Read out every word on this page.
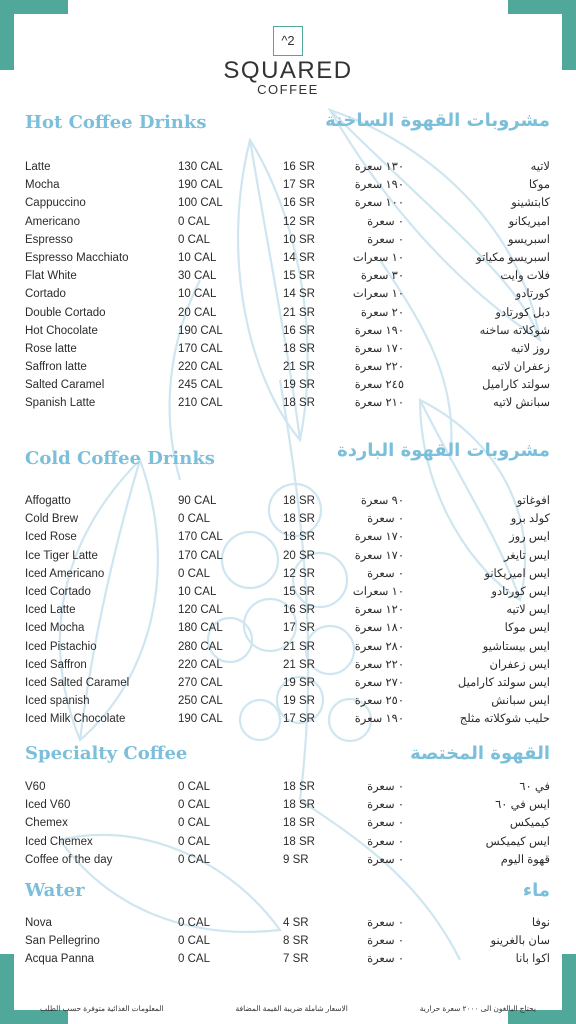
^2
SQUARED
COFFEE
Hot Coffee Drinks	مشروبات القهوة الساخنة
Cold Coffee Drinks	مشروبات القهوة الباردة
Specialty Coffee	القهوة المختصة
Water	ماء
Latte	130 CAL	16 SR	١٣٠ سعرة	لاتيه
Mocha	190 CAL	17 SR	١٩٠ سعرة	موكا
Cappuccino	100 CAL	16 SR	١٠٠ سعرة	كابتشينو
Americano	0 CAL	12 SR	٠ سعرة	اميريكانو
Espresso	0 CAL	10 SR	٠ سعرة	اسبريسو
Espresso Macchiato	10 CAL	14 SR	١٠ سعرات	اسبريسو مكياتو
Flat White	30 CAL	15 SR	٣٠ سعرة	فلات وايت
Cortado	10 CAL	14 SR	١٠ سعرات	كورتادو
Double Cortado	20 CAL	21 SR	٢٠ سعرة	دبل كورتادو
Hot Chocolate	190 CAL	16 SR	١٩٠ سعرة	شوكلاته ساخنه
Rose latte	170 CAL	18 SR	١٧٠ سعرة	روز لاتيه
Saffron latte	220 CAL	21 SR	٢٢٠ سعرة	زعفران لاتيه
Salted Caramel	245 CAL	19 SR	٢٤٥ سعرة	سولتد كاراميل
Spanish Latte	210 CAL	18 SR	٢١٠ سعرة	سبانش لاتيه
Affogatto	90 CAL	18 SR	٩٠ سعرة	افوغاتو
Cold Brew	0 CAL	18 SR	٠ سعرة	كولد برو
Iced Rose	170 CAL	18 SR	١٧٠ سعرة	ايس روز
Ice Tiger Latte	170 CAL	20 SR	١٧٠ سعرة	ايس تايغر
Iced Americano	0 CAL	12 SR	٠ سعرة	ايس اميريكانو
Iced Cortado	10 CAL	15 SR	١٠ سعرات	ايس كورتادو
Iced Latte	120 CAL	16 SR	١٢٠ سعرة	ايس لاتيه
Iced Mocha	180 CAL	17 SR	١٨٠ سعرة	ايس موكا
Iced Pistachio	280 CAL	21 SR	٢٨٠ سعرة	ايس بيستاشيو
Iced Saffron	220 CAL	21 SR	٢٢٠ سعرة	ايس زعفران
Iced Salted Caramel	270 CAL	19 SR	٢٧٠ سعرة	ايس سولتد كاراميل
Iced spanish	250 CAL	19 SR	٢٥٠ سعرة	ايس سبانش
Iced Milk Chocolate	190 CAL	17 SR	١٩٠ سعرة	حليب شوكلاته مثلج
V60	0 CAL	18 SR	٠ سعرة	في ٦٠
Iced V60	0 CAL	18 SR	٠ سعرة	ايس في ٦٠
Chemex	0 CAL	18 SR	٠ سعرة	كيميكس
Iced Chemex	0 CAL	18 SR	٠ سعرة	ايس كيميكس
Coffee of the day	0 CAL	9 SR	٠ سعرة	قهوة اليوم
Nova	0 CAL	4 SR	٠ سعرة	نوفا
San Pellegrino	0 CAL	8 SR	٠ سعرة	سان بالغرينو
Acqua Panna	0 CAL	7 SR	٠ سعرة	اكوا بانا
يحتاج البالغون الى ٢٠٠٠ سعرة حرارية
الاسعار شاملة ضريبة القيمة المضافة
المعلومات الغذائية متوفرة حسب الطلب
